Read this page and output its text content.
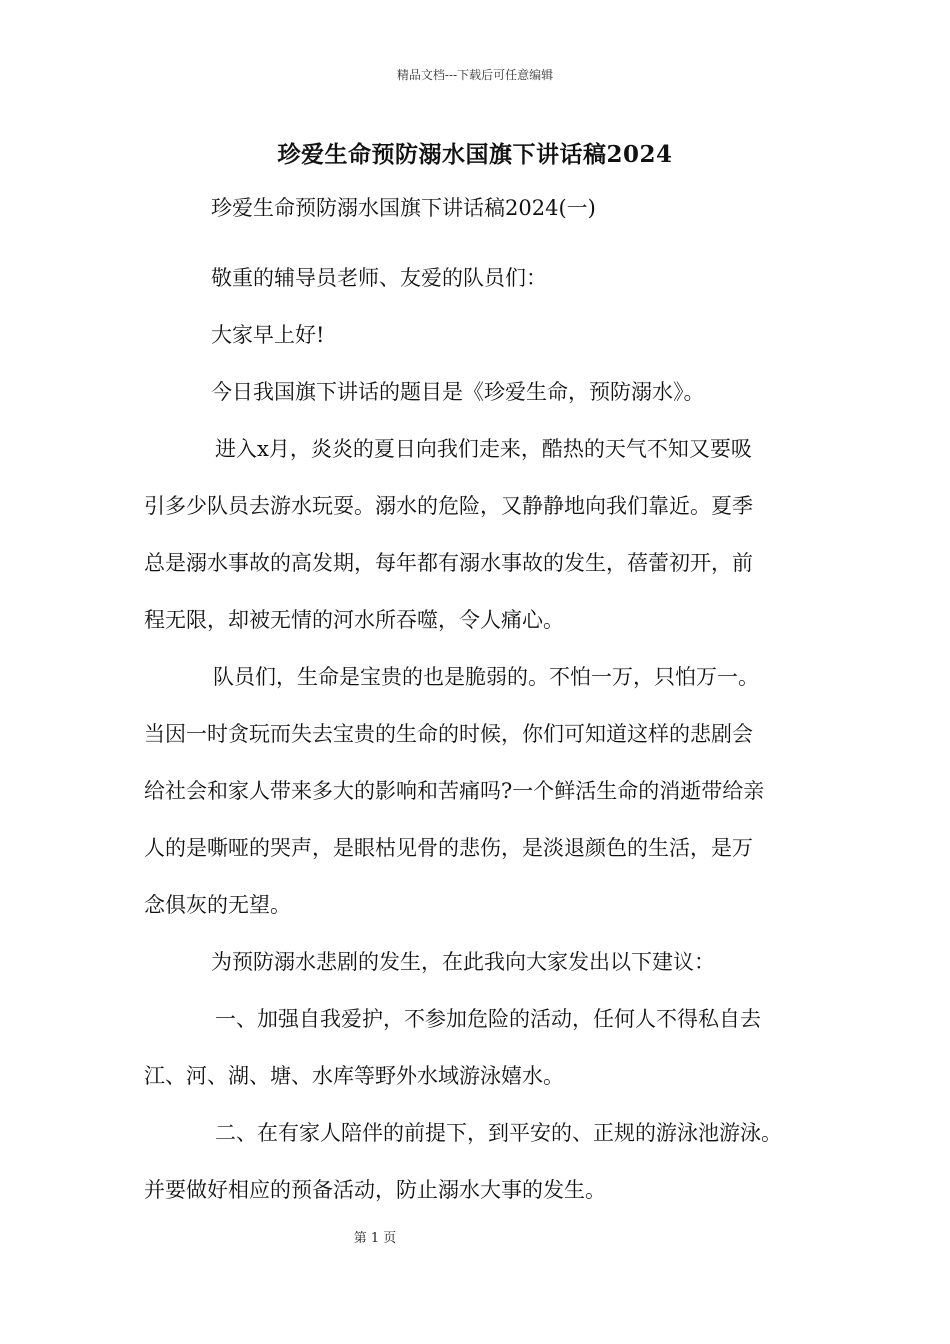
精品文档---下载后可任意编辑
珍爱生命预防溺水国旗下讲话稿2024
珍爱生命预防溺水国旗下讲话稿2024(一)
敬重的辅导员老师、友爱的队员们：
大家早上好!
今日我国旗下讲话的题目是《珍爱生命，预防溺水》。
进入x月，炎炎的夏日向我们走来，酷热的天气不知又要吸
引多少队员去游水玩耍。溺水的危险，又静静地向我们靠近。夏季
总是溺水事故的高发期，每年都有溺水事故的发生，蓓蕾初开，前
程无限，却被无情的河水所吞噬，令人痛心。
队员们，生命是宝贵的也是脆弱的。不怕一万，只怕万一。
当因一时贪玩而失去宝贵的生命的时候，你们可知道这样的悲剧会
给社会和家人带来多大的影响和苦痛吗?一个鲜活生命的消逝带给亲
人的是嘶哑的哭声，是眼枯见骨的悲伤，是淡退颜色的生活，是万
念俱灰的无望。
为预防溺水悲剧的发生，在此我向大家发出以下建议：
一、加强自我爱护，不参加危险的活动，任何人不得私自去
江、河、湖、塘、水库等野外水域游泳嬉水。
二、在有家人陪伴的前提下，到平安的、正规的游泳池游泳。
并要做好相应的预备活动，防止溺水大事的发生。
第 1 页
